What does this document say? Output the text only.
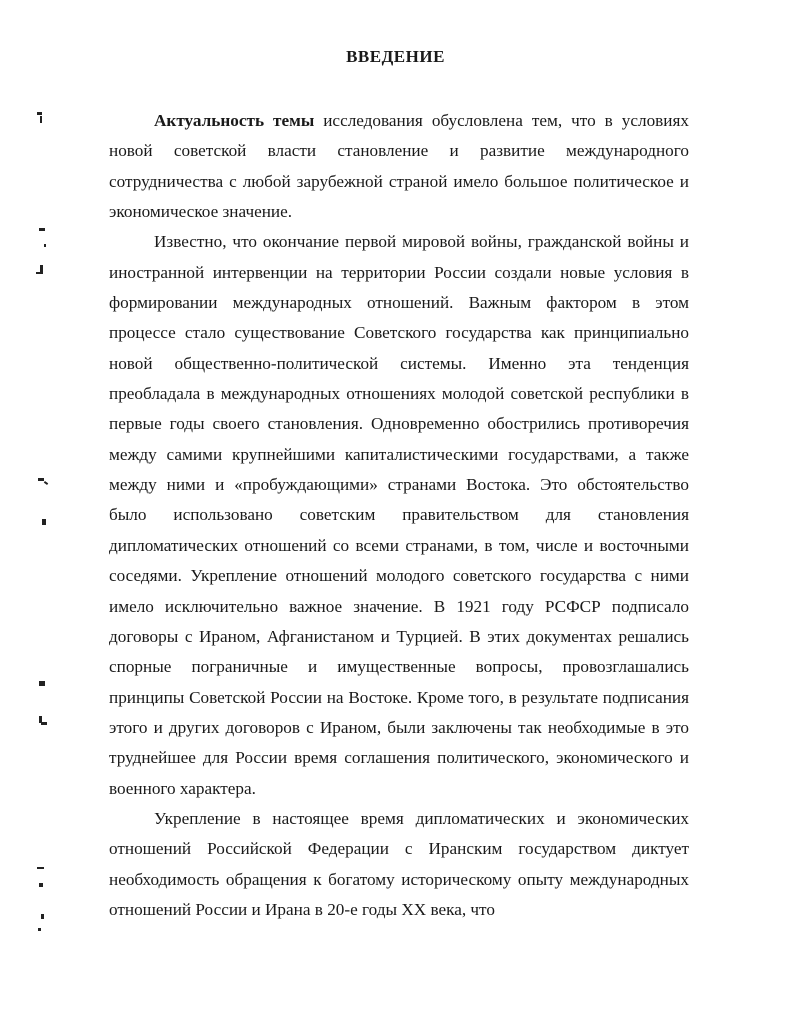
ВВЕДЕНИЕ

Актуальность темы исследования обусловлена тем, что в условиях новой советской власти становление и развитие международного сотрудничества с любой зарубежной страной имело большое политическое и экономическое значение.

Известно, что окончание первой мировой войны, гражданской войны и иностранной интервенции на территории России создали новые условия в формировании международных отношений. Важным фактором в этом процессе стало существование Советского государства как принципиально новой общественно-политической системы. Именно эта тенденция преобладала в международных отношениях молодой советской республики в первые годы своего становления. Одновременно обострились противоречия между самими крупнейшими капиталистическими государствами, а также между ними и «пробуждающими» странами Востока. Это обстоятельство было использовано советским правительством для становления дипломатических отношений со всеми странами, в том, числе и восточными соседями. Укрепление отношений молодого советского государства с ними имело исключительно важное значение. В 1921 году РСФСР подписало договоры с Ираном, Афганистаном и Турцией. В этих документах решались спорные пограничные и имущественные вопросы, провозглашались принципы Советской России на Востоке. Кроме того, в результате подписания этого и других договоров с Ираном, были заключены так необходимые в это труднейшее для России время соглашения политического, экономического и военного характера.

Укрепление в настоящее время дипломатических и экономических отношений Российской Федерации с Иранским государством диктует необходимость обращения к богатому историческому опыту международных отношений России и Ирана в 20-е годы XX века, что
